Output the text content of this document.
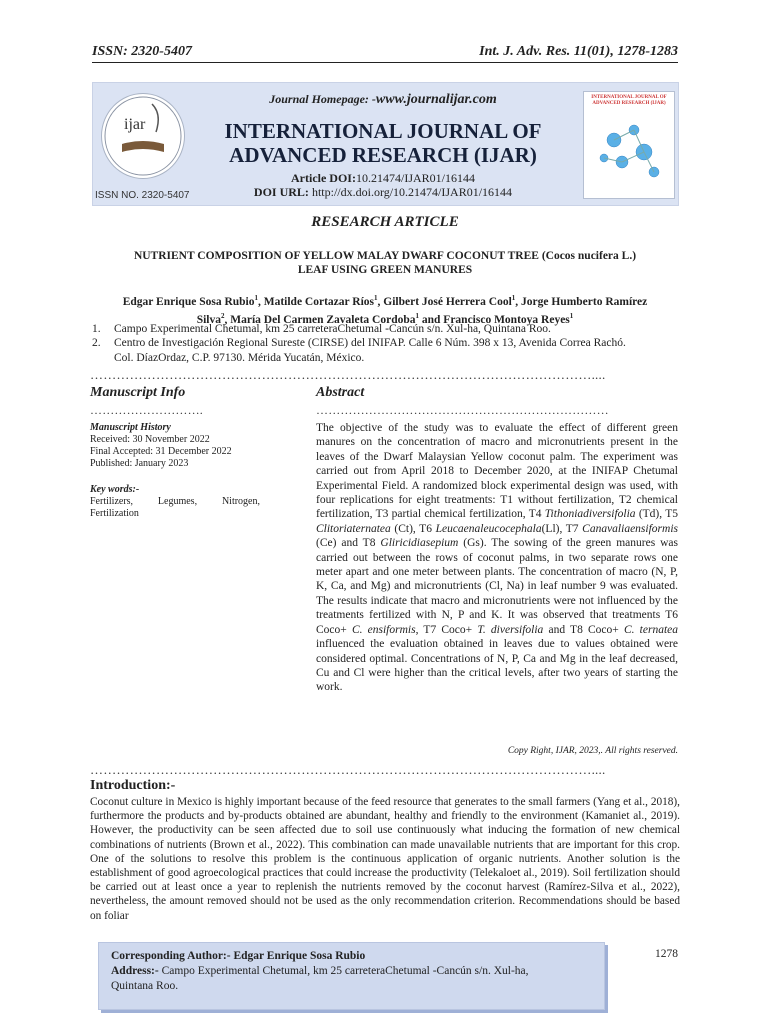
ISSN: 2320-5407	Int. J. Adv. Res. 11(01), 1278-1283
ijar
ISSN NO. 2320-5407
Journal Homepage: -www.journalijar.com
INTERNATIONAL JOURNAL OF
ADVANCED RESEARCH (IJAR)
Article DOI:10.21474/IJAR01/16144
DOI URL: http://dx.doi.org/10.21474/IJAR01/16144
INTERNATIONAL JOURNAL OF ADVANCED RESEARCH (IJAR)
RESEARCH ARTICLE
NUTRIENT COMPOSITION OF YELLOW MALAY DWARF COCONUT TREE (Cocos nucifera L.)
LEAF USING GREEN MANURES
Edgar Enrique Sosa Rubio$^1$, Matilde Cortazar Ríos$^1$, Gilbert José Herrera Cool$^1$, Jorge Humberto Ramírez
Silva$^2$, María Del Carmen Zavaleta Cordoba$^1$ and Francisco Montoya Reyes$^1$
1.	Campo Experimental Chetumal, km 25 carreteraChetumal -Cancún s/n. Xul-ha, Quintana Roo.
2.	Centro de Investigación Regional Sureste (CIRSE) del INIFAP. Calle 6 Núm. 398 x 13, Avenida Correa Rachó.
Col. DíazOrdaz, C.P. 97130. Mérida Yucatán, México.
……………………………………………………………………………………………………....
Manuscript Info
……………………….
Manuscript History
Received: 30 November 2022
Final Accepted: 31 December 2022
Published: January 2023
Key words:-
Fertilizers, Legumes, Nitrogen,
Fertilization
Abstract
………………………………………………………………
The objective of the study was to evaluate the effect of different green manures on the concentration of macro and micronutrients present in the leaves of the Dwarf Malaysian Yellow coconut palm. The experiment was carried out from April 2018 to December 2020, at the INIFAP Chetumal Experimental Field. A randomized block experimental design was used, with four replications for eight treatments: T1 without fertilization, T2 chemical fertilization, T3 partial chemical fertilization, T4 Tithoniadiversifolia (Td), T5 Clitoriaternatea (Ct), T6 Leucaenaleucocephala(Ll), T7 Canavaliaensiformis (Ce) and T8 Gliricidiasepium (Gs). The sowing of the green manures was carried out between the rows of coconut palms, in two separate rows one meter apart and one meter between plants. The concentration of macro (N, P, K, Ca, and Mg) and micronutrients (Cl, Na) in leaf number 9 was evaluated. The results indicate that macro and micronutrients were not influenced by the treatments fertilized with N, P and K. It was observed that treatments T6 Coco+ C. ensiformis, T7 Coco+ T. diversifolia and T8 Coco+ C. ternatea influenced the evaluation obtained in leaves due to values obtained were considered optimal. Concentrations of N, P, Ca and Mg in the leaf decreased, Cu and Cl were higher than the critical levels, after two years of starting the work.
Copy Right, IJAR, 2023,. All rights reserved.
……………………………………………………………………………………………………....
Introduction:-
Coconut culture in Mexico is highly important because of the feed resource that generates to the small farmers (Yang et al., 2018), furthermore the products and by-products obtained are abundant, healthy and friendly to the environment (Kamaniet al., 2019). However, the productivity can be seen affected due to soil use continuously what inducing the formation of new chemical combinations of nutrients (Brown et al., 2022). This combination can made unavailable nutrients that are important for this crop. One of the solutions to resolve this problem is the continuous application of organic nutrients. Another solution is the establishment of good agroecological practices that could increase the productivity (Telekaloet al., 2019). Soil fertilization should be carried out at least once a year to replenish the nutrients removed by the coconut harvest (Ramírez-Silva et al., 2022), nevertheless, the amount removed should not be used as the only recommendation criterion. Recommendations should be based on foliar
Corresponding Author:- Edgar Enrique Sosa Rubio
Address:- Campo Experimental Chetumal, km 25 carreteraChetumal -Cancún s/n. Xul-ha,
Quintana Roo.
1278
